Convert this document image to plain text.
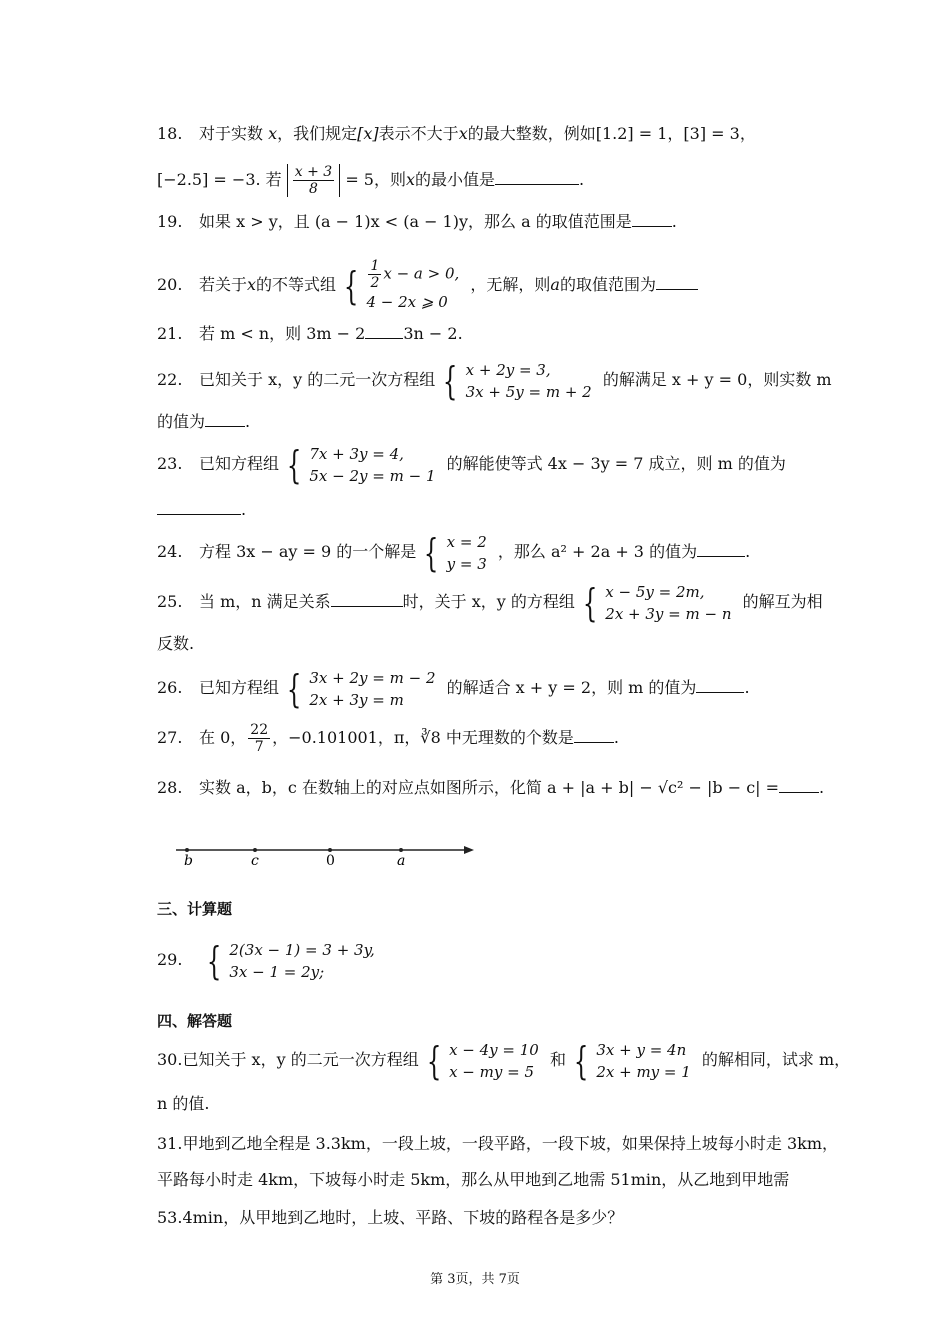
18. 对于实数 x，我们规定[x]表示不大于x的最大整数，例如[1.2] = 1，[3] = 3，
[−2.5] = −3. 若 $\frac{x + 3}{8} = 5$，则x的最小值是	.
19. 如果 x > y，且 (a − 1)x < (a − 1)y，那么 a 的取值范围是	.
20. 若关于x的不等式组 { $\frac{1}{2}$ x − a > 0,
4 − 2x ⩾ 0
，无解，则a的取值范围为
21. 若 m < n，则 3m − 2 3n − 2.
22. 已知关于 x，y 的二元一次方程组 { x + 2y = 3,
3x + 5y = m + 2
的解满足 x + y = 0，则实数 m
的值为	.
23. 已知方程组 { 7x + 3y = 4,
5x − 2y = m − 1
的解能使等式 4x − 3y = 7 成立，则 m 的值为
.
24. 方程 3x − ay = 9 的一个解是 { x = 2
y = 3
，那么 a² + 2a + 3 的值为	.
25. 当 m，n 满足关系	时，关于 x，y 的方程组 { x − 5y = 2m,
2x + 3y = m − n
的解互为相
反数.
26. 已知方程组 { 3x + 2y = m − 2
2x + 3y = m
的解适合 x + y = 2，则 m 的值为	.
27. 在 0， $\frac{22}{7}$ ，−0.101001，π，∛8 中无理数的个数是	.
28. 实数 a，b，c 在数轴上的对应点如图所示，化简 a + |a + b| − √c² − |b − c| =	.
b	c	0	a
三、计算题
29. { 2(3x − 1) = 3 + 3y,
3x − 1 = 2y;
四、解答题
30.已知关于 x，y 的二元一次方程组 { x − 4y = 10
x − my = 5
和 { 3x + y = 4n
2x + my = 1
的解相同，试求 m，
n 的值.
31.甲地到乙地全程是 3.3km，一段上坡，一段平路，一段下坡，如果保持上坡每小时走 3km，
平路每小时走 4km，下坡每小时走 5km，那么从甲地到乙地需 51min，从乙地到甲地需
53.4min，从甲地到乙地时，上坡、平路、下坡的路程各是多少？
第 3页，共 7页
